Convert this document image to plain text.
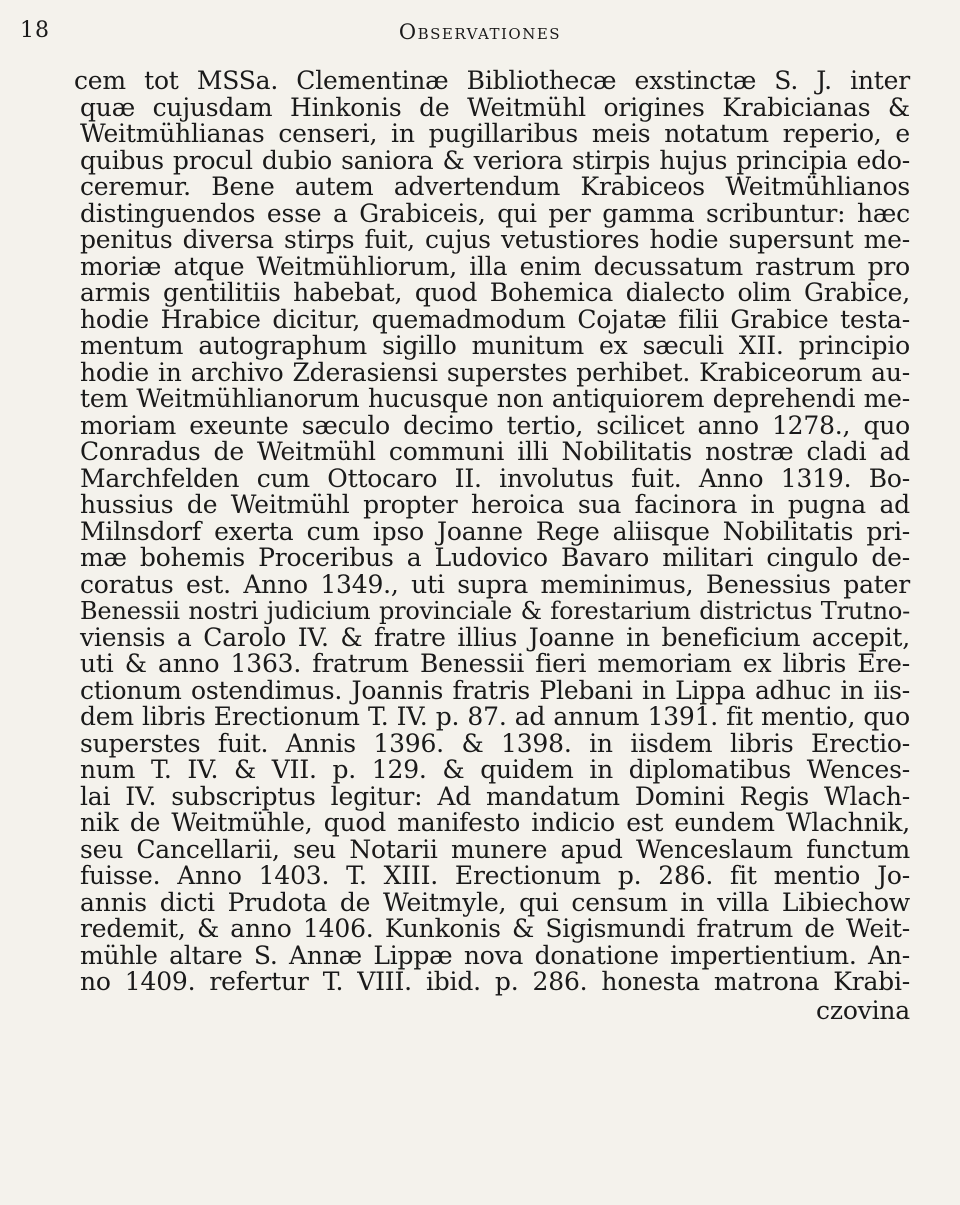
18	Observationes
cem tot MSSa. Clementinæ Bibliothecæ exstinctæ S. J. inter
quæ cujusdam Hinkonis de Weitmühl origines Krabicianas &
Weitmühlianas censeri, in pugillaribus meis notatum reperio, e
quibus procul dubio saniora & veriora stirpis hujus principia edo-
ceremur. Bene autem advertendum Krabiceos Weitmühlianos
distinguendos esse a Grabiceis, qui per gamma scribuntur: hæc
penitus diversa stirps fuit, cujus vetustiores hodie supersunt me-
moriæ atque Weitmühliorum, illa enim decussatum rastrum pro
armis gentilitiis habebat, quod Bohemica dialecto olim Grabice,
hodie Hrabice dicitur, quemadmodum Cojatæ filii Grabice testa-
mentum autographum sigillo munitum ex sæculi XII. principio
hodie in archivo Zderasiensi superstes perhibet. Krabiceorum au-
tem Weitmühlianorum hucusque non antiquiorem deprehendi me-
moriam exeunte sæculo decimo tertio, scilicet anno 1278., quo
Conradus de Weitmühl communi illi Nobilitatis nostræ cladi ad
Marchfelden cum Ottocaro II. involutus fuit. Anno 1319. Bo-
hussius de Weitmühl propter heroica sua facinora in pugna ad
Milnsdorf exerta cum ipso Joanne Rege aliisque Nobilitatis pri-
mæ bohemis Proceribus a Ludovico Bavaro militari cingulo de-
coratus est. Anno 1349., uti supra meminimus, Benessius pater
Benessii nostri judicium provinciale & forestarium districtus Trutno-
viensis a Carolo IV. & fratre illius Joanne in beneficium accepit,
uti & anno 1363. fratrum Benessii fieri memoriam ex libris Ere-
ctionum ostendimus. Joannis fratris Plebani in Lippa adhuc in iis-
dem libris Erectionum T. IV. p. 87. ad annum 1391. fit mentio, quo
superstes fuit. Annis 1396. & 1398. in iisdem libris Erectio-
num T. IV. & VII. p. 129. & quidem in diplomatibus Wences-
lai IV. subscriptus legitur: Ad mandatum Domini Regis Wlach-
nik de Weitmühle, quod manifesto indicio est eundem Wlachnik,
seu Cancellarii, seu Notarii munere apud Wenceslaum functum
fuisse. Anno 1403. T. XIII. Erectionum p. 286. fit mentio Jo-
annis dicti Prudota de Weitmyle, qui censum in villa Libiechow
redemit, & anno 1406. Kunkonis & Sigismundi fratrum de Weit-
mühle altare S. Annæ Lippæ nova donatione impertientium. An-
no 1409. refertur T. VIII. ibid. p. 286. honesta matrona Krabi-
czovina
